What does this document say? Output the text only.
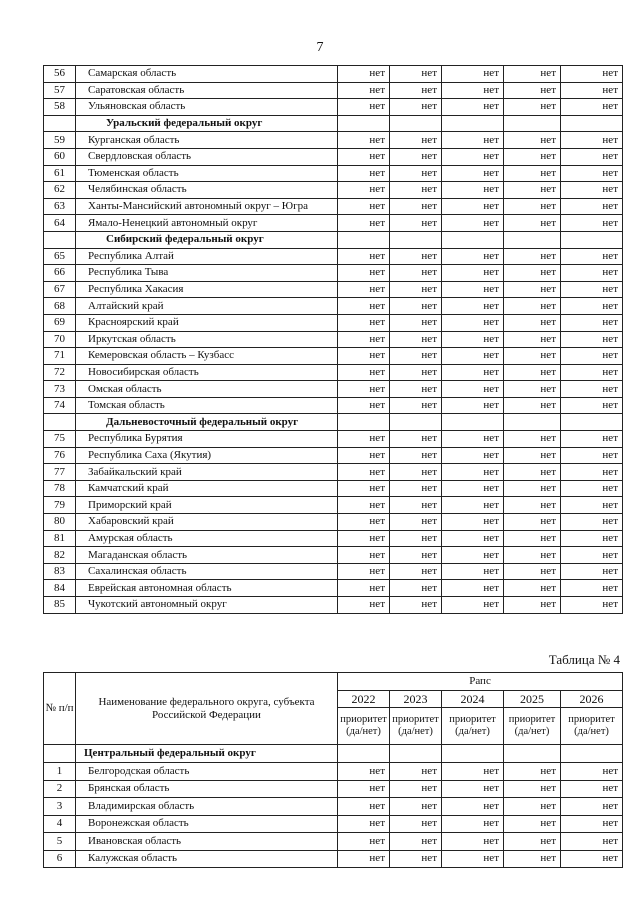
7
56	Самарская область	нет	нет	нет	нет	нет
57	Саратовская область	нет	нет	нет	нет	нет
58	Ульяновская область	нет	нет	нет	нет	нет
	Уральский федеральный округ					
59	Курганская область	нет	нет	нет	нет	нет
60	Свердловская область	нет	нет	нет	нет	нет
61	Тюменская область	нет	нет	нет	нет	нет
62	Челябинская область	нет	нет	нет	нет	нет
63	Ханты-Мансийский автономный округ – Югра	нет	нет	нет	нет	нет
64	Ямало-Ненецкий автономный округ	нет	нет	нет	нет	нет
	Сибирский федеральный округ					
65	Республика Алтай	нет	нет	нет	нет	нет
66	Республика Тыва	нет	нет	нет	нет	нет
67	Республика Хакасия	нет	нет	нет	нет	нет
68	Алтайский край	нет	нет	нет	нет	нет
69	Красноярский край	нет	нет	нет	нет	нет
70	Иркутская область	нет	нет	нет	нет	нет
71	Кемеровская область – Кузбасс	нет	нет	нет	нет	нет
72	Новосибирская область	нет	нет	нет	нет	нет
73	Омская область	нет	нет	нет	нет	нет
74	Томская область	нет	нет	нет	нет	нет
	Дальневосточный федеральный округ					
75	Республика Бурятия	нет	нет	нет	нет	нет
76	Республика Саха (Якутия)	нет	нет	нет	нет	нет
77	Забайкальский край	нет	нет	нет	нет	нет
78	Камчатский край	нет	нет	нет	нет	нет
79	Приморский край	нет	нет	нет	нет	нет
80	Хабаровский край	нет	нет	нет	нет	нет
81	Амурская область	нет	нет	нет	нет	нет
82	Магаданская область	нет	нет	нет	нет	нет
83	Сахалинская область	нет	нет	нет	нет	нет
84	Еврейская автономная область	нет	нет	нет	нет	нет
85	Чукотский автономный округ	нет	нет	нет	нет	нет
Таблица № 4
№ п/п	Наименование федерального округа, субъекта Российской Федерации	Рапс				
		2022	2023	2024	2025	2026
		приоритет (да/нет)	приоритет (да/нет)	приоритет (да/нет)	приоритет (да/нет)	приоритет (да/нет)
	Центральный федеральный округ					
1	Белгородская область	нет	нет	нет	нет	нет
2	Брянская область	нет	нет	нет	нет	нет
3	Владимирская область	нет	нет	нет	нет	нет
4	Воронежская область	нет	нет	нет	нет	нет
5	Ивановская область	нет	нет	нет	нет	нет
6	Калужская область	нет	нет	нет	нет	нет
